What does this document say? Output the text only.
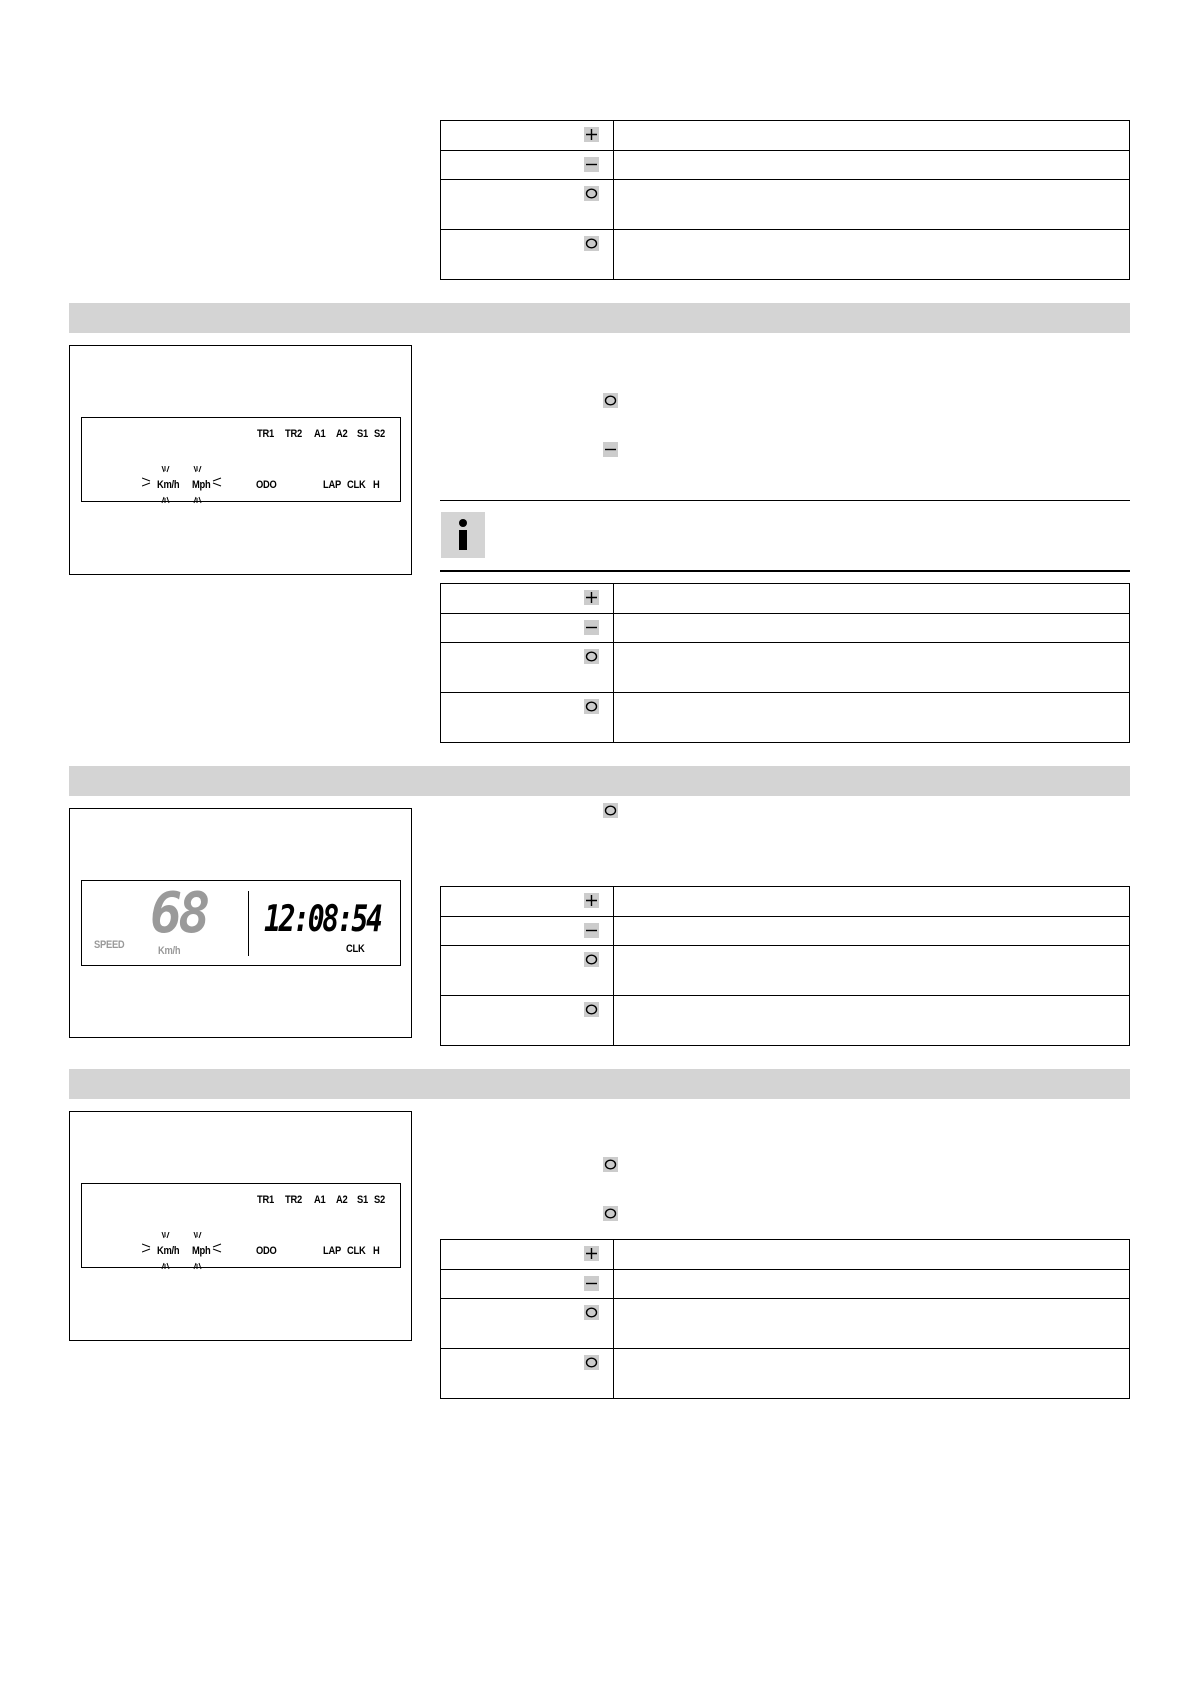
TR1 TR2 A1 A2 S1 S2
Km/h Mph	ODO	LAP CLK H
68
SPEED	Km/h
12:08:54
CLK
TR1 TR2 A1 A2 S1 S2
Km/h Mph	ODO	LAP CLK H
